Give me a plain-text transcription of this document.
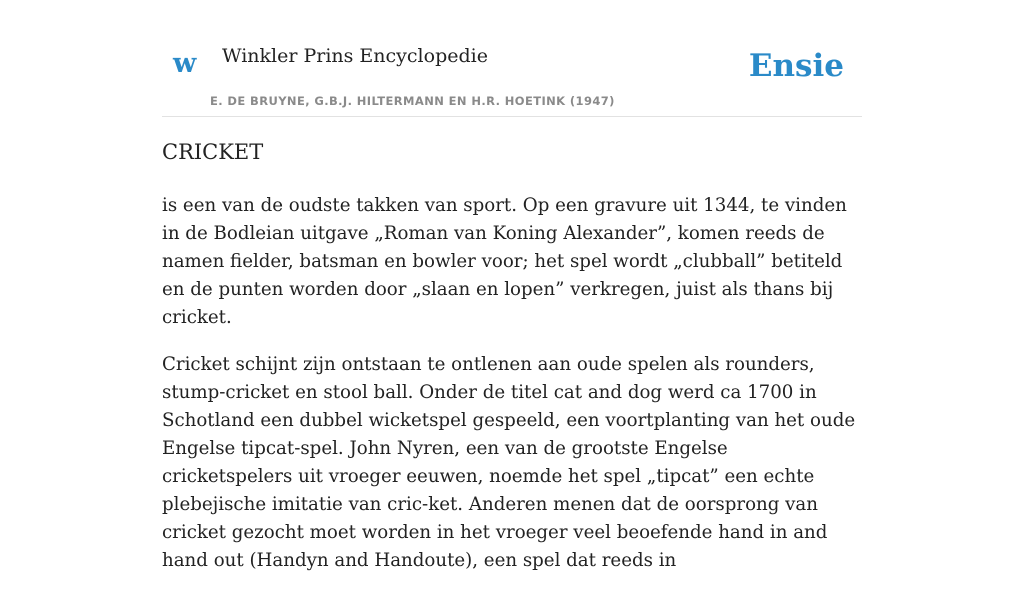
w Winkler Prins Encyclopedie
E. DE BRUYNE, G.B.J. HILTERMANN EN H.R. HOETINK (1947)
Ensie
CRICKET

is een van de oudste takken van sport. Op een gravure uit 1344, te vinden in de Bodleian uitgave „Roman van Koning Alexander”, komen reeds de namen fielder, batsman en bowler voor; het spel wordt „clubball” betiteld en de punten worden door „slaan en lopen” verkregen, juist als thans bij cricket.

Cricket schijnt zijn ontstaan te ontlenen aan oude spelen als rounders, stump-cricket en stool ball. Onder de titel cat and dog werd ca 1700 in Schotland een dubbel wicketspel gespeeld, een voortplanting van het oude Engelse tipcat-spel. John Nyren, een van de grootste Engelse cricketspelers uit vroeger eeuwen, noemde het spel „tipcat” een echte plebejische imitatie van cric-ket. Anderen menen dat de oorsprong van cricket gezocht moet worden in het vroeger veel beoefende hand in and hand out (Handyn and Handoute), een spel dat reeds in
